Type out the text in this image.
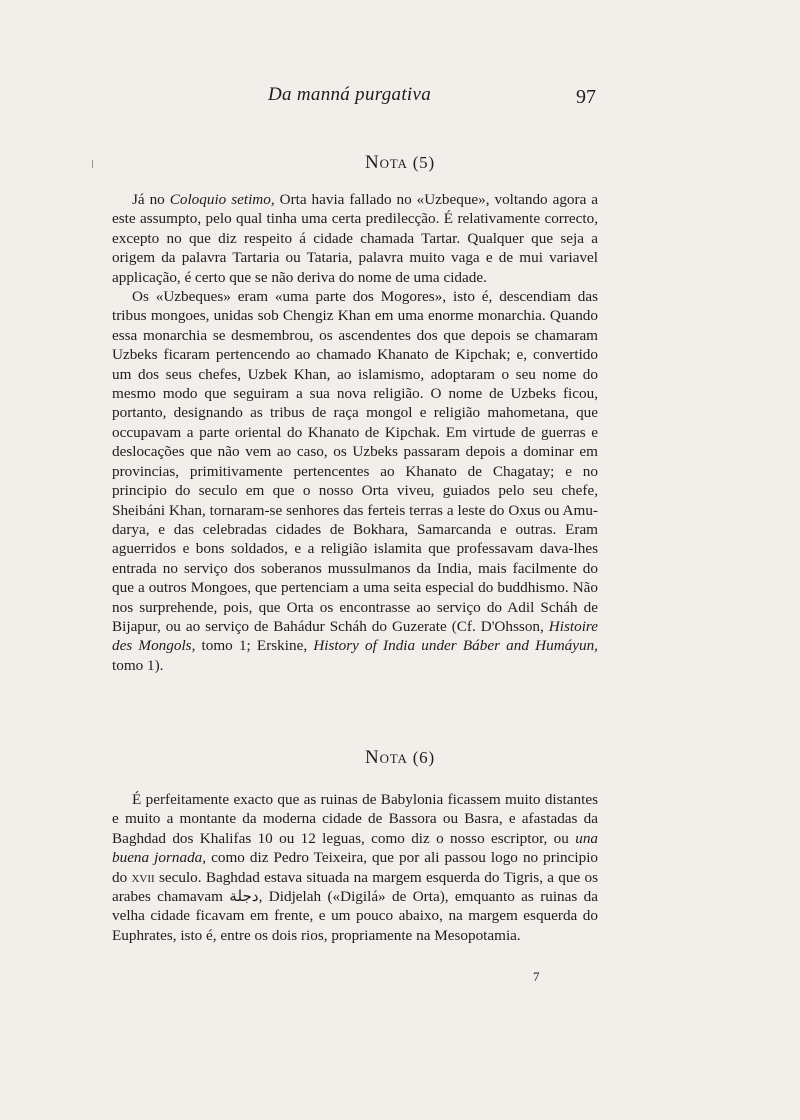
Da manná purgativa	97
Nota (5)

Já no Coloquio setimo, Orta havia fallado no «Uzbeque», voltando agora a este assumpto, pelo qual tinha uma certa predilecção. É relativamente correcto, excepto no que diz respeito á cidade chamada Tartar. Qualquer que seja a origem da palavra Tartaria ou Tataria, palavra muito vaga e de mui variavel applicação, é certo que se não deriva do nome de uma cidade.

Os «Uzbeques» eram «uma parte dos Mogores», isto é, descendiam das tribus mongoes, unidas sob Chengiz Khan em uma enorme monarchia. Quando essa monarchia se desmembrou, os ascendentes dos que depois se chamaram Uzbeks ficaram pertencendo ao chamado Khanato de Kipchak; e, convertido um dos seus chefes, Uzbek Khan, ao islamismo, adoptaram o seu nome do mesmo modo que seguiram a sua nova religião. O nome de Uzbeks ficou, portanto, designando as tribus de raça mongol e religião mahometana, que occupavam a parte oriental do Khanato de Kipchak. Em virtude de guerras e deslocações que não vem ao caso, os Uzbeks passaram depois a dominar em provincias, primitivamente pertencentes ao Khanato de Chagatay; e no principio do seculo em que o nosso Orta viveu, guiados pelo seu chefe, Sheibáni Khan, tornaram-se senhores das ferteis terras a leste do Oxus ou Amu-darya, e das celebradas cidades de Bokhara, Samarcanda e outras. Eram aguerridos e bons soldados, e a religião islamita que professavam dava-lhes entrada no serviço dos soberanos mussulmanos da India, mais facilmente do que a outros Mongoes, que pertenciam a uma seita especial do buddhismo. Não nos surprehende, pois, que Orta os encontrasse ao serviço do Adil Scháh de Bijapur, ou ao serviço de Bahádur Scháh do Guzerate (Cf. D'Ohsson, Histoire des Mongols, tomo 1; Erskine, History of India under Báber and Humáyun, tomo 1).

Nota (6)

É perfeitamente exacto que as ruinas de Babylonia ficassem muito distantes e muito a montante da moderna cidade de Bassora ou Basra, e afastadas da Baghdad dos Khalifas 10 ou 12 leguas, como diz o nosso escriptor, ou una buena jornada, como diz Pedro Teixeira, que por ali passou logo no principio do xvii seculo. Baghdad estava situada na margem esquerda do Tigris, a que os arabes chamavam دجلة, Didjelah («Digilá» de Orta), emquanto as ruinas da velha cidade ficavam em frente, e um pouco abaixo, na margem esquerda do Euphrates, isto é, entre os dois rios, propriamente na Mesopotamia.

7
